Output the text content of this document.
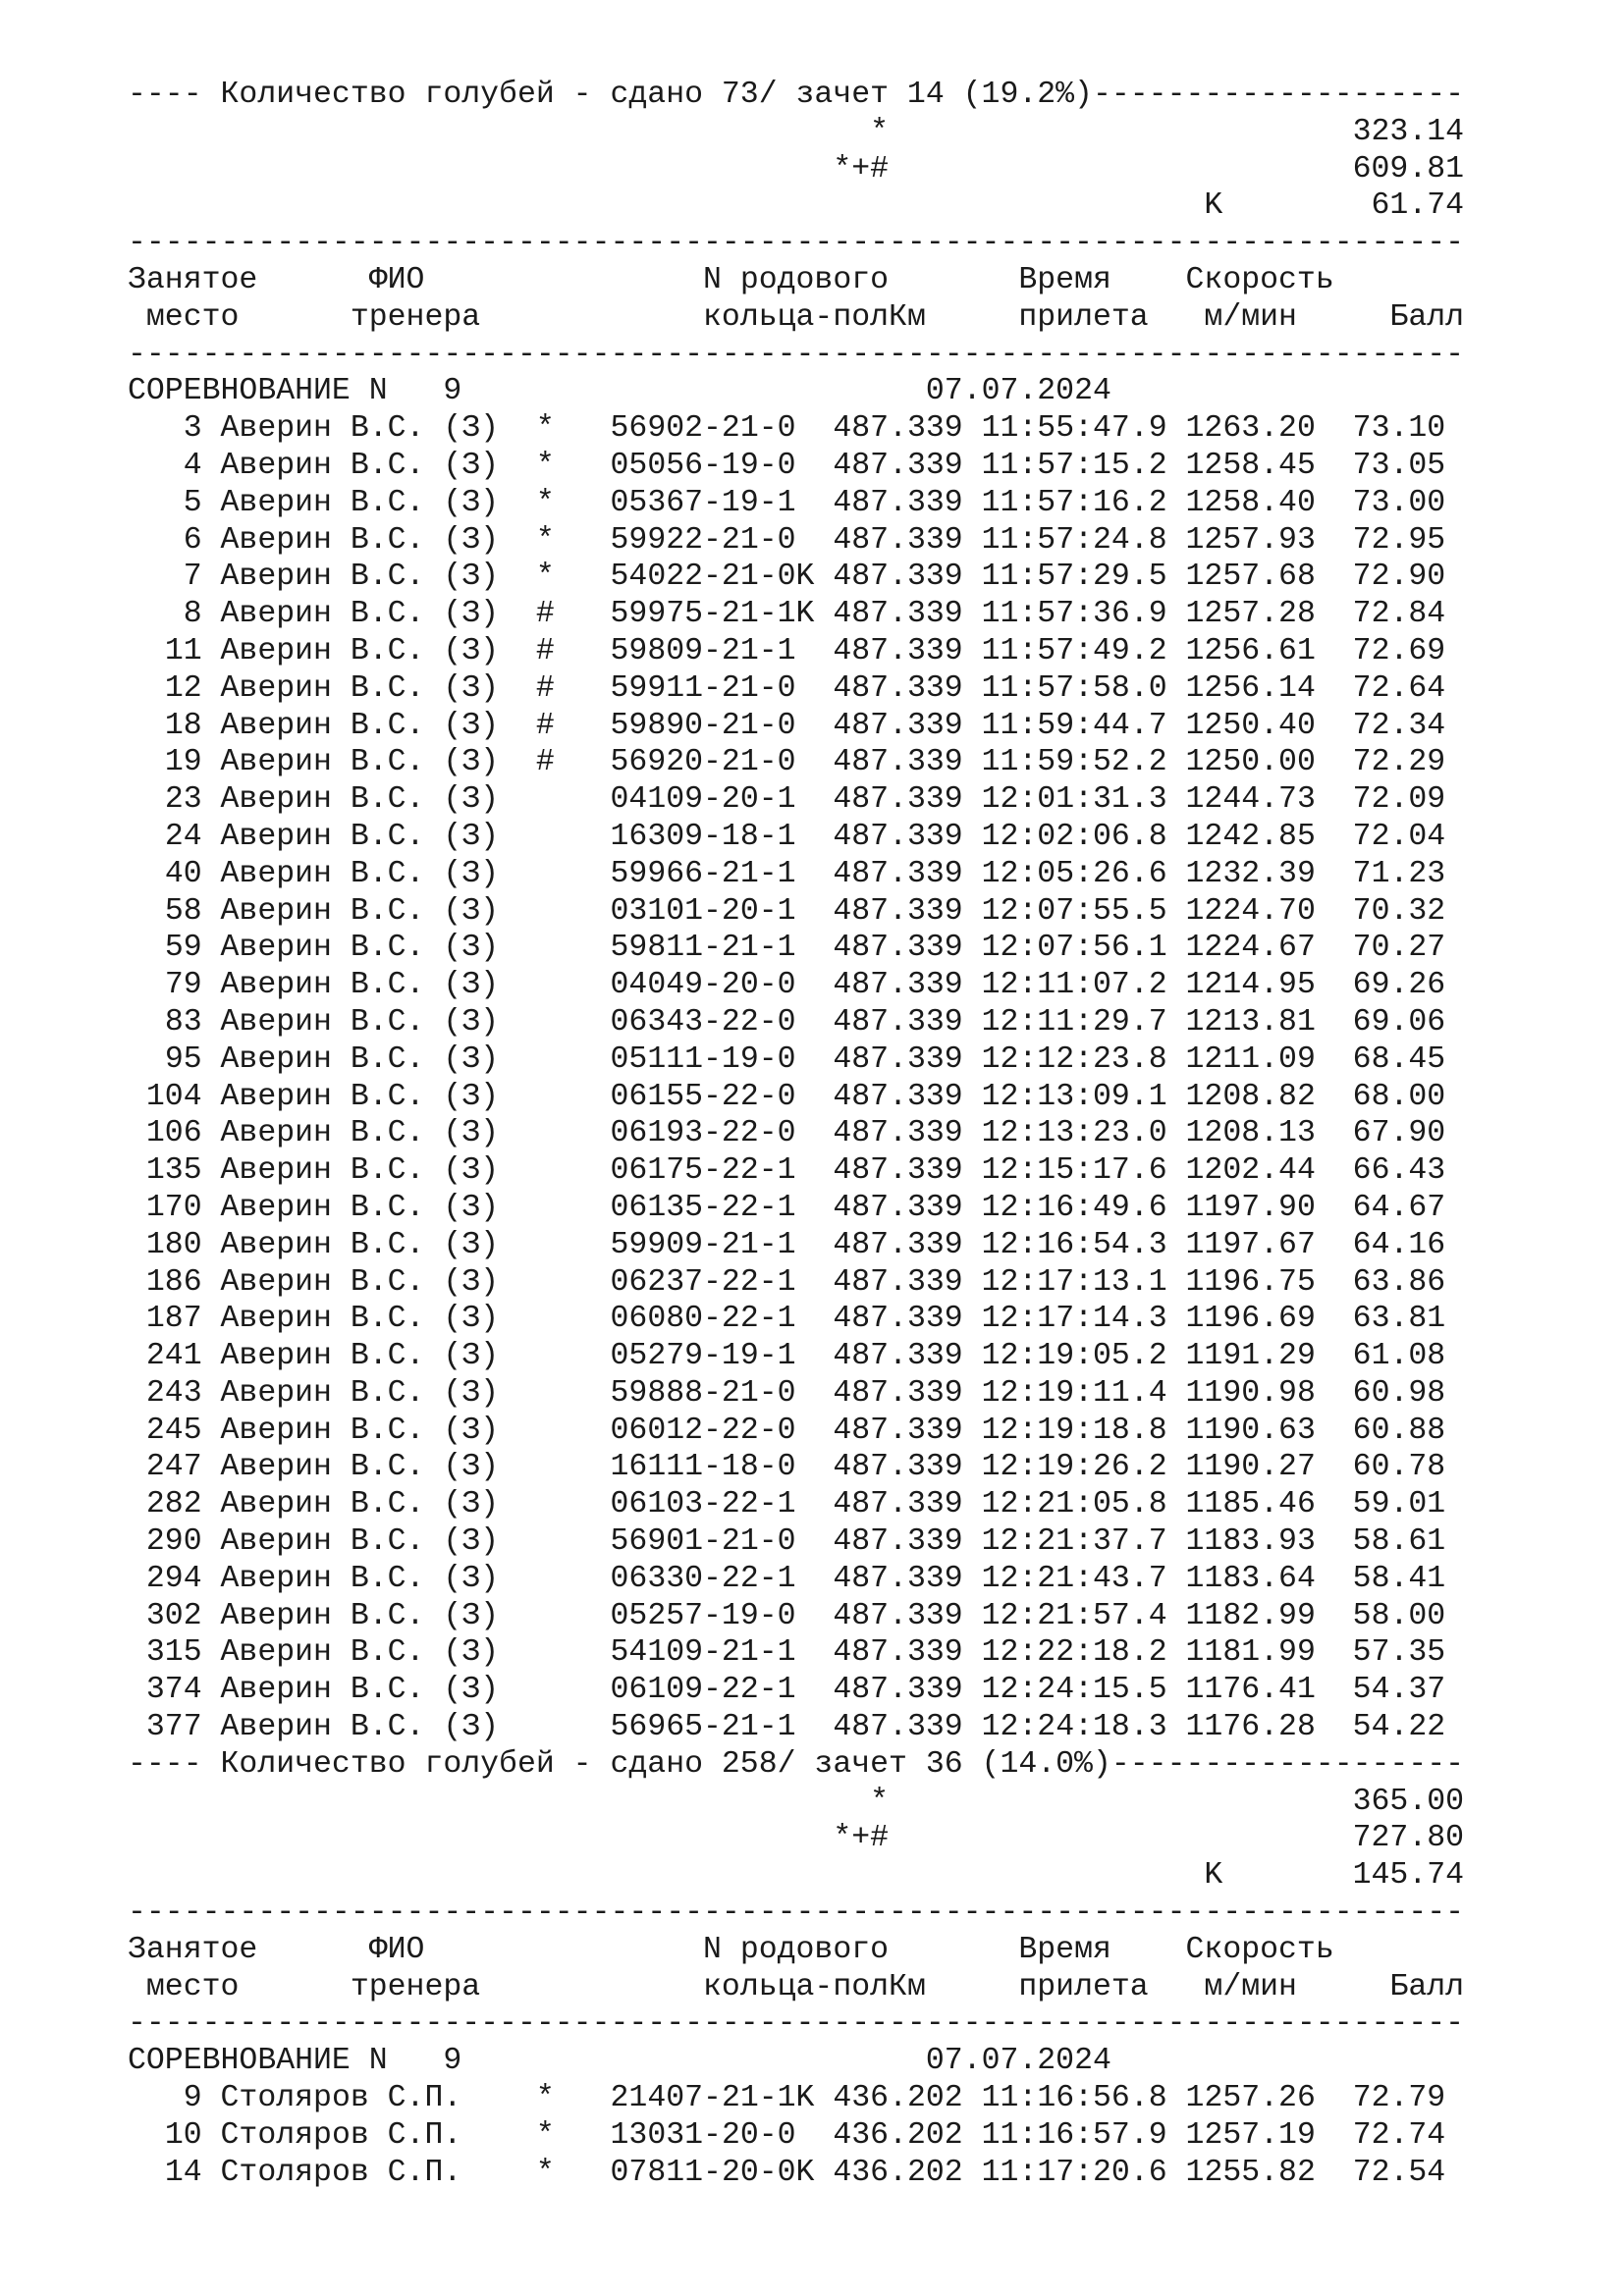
---- Количество голубей - сдано 73/ зачет 14 (19.2%)--------------------
*	323.14
*+#	609.81
K	61.74
------------------------------------------------------------------------
Занятое	ФИО	N родового	Время Скорость
место	тренера	кольца-полКм	прилета м/мин	Балл
------------------------------------------------------------------------
СОРЕВНОВАНИЕ N 9	07.07.2024
3 Аверин В.С. (З) * 56902-21-0 487.339 11:55:47.9 1263.20 73.10
4 Аверин В.С. (З) * 05056-19-0 487.339 11:57:15.2 1258.45 73.05
5 Аверин В.С. (З) * 05367-19-1 487.339 11:57:16.2 1258.40 73.00
6 Аверин В.С. (З) * 59922-21-0 487.339 11:57:24.8 1257.93 72.95
7 Аверин В.С. (З) * 54022-21-0K 487.339 11:57:29.5 1257.68 72.90
8 Аверин В.С. (З) # 59975-21-1K 487.339 11:57:36.9 1257.28 72.84
11 Аверин В.С. (З) # 59809-21-1 487.339 11:57:49.2 1256.61 72.69
12 Аверин В.С. (З) # 59911-21-0 487.339 11:57:58.0 1256.14 72.64
18 Аверин В.С. (З) # 59890-21-0 487.339 11:59:44.7 1250.40 72.34
19 Аверин В.С. (З) # 56920-21-0 487.339 11:59:52.2 1250.00 72.29
23 Аверин В.С. (З)	04109-20-1 487.339 12:01:31.3 1244.73 72.09
24 Аверин В.С. (З)	16309-18-1 487.339 12:02:06.8 1242.85 72.04
40 Аверин В.С. (З)	59966-21-1 487.339 12:05:26.6 1232.39 71.23
58 Аверин В.С. (З)	03101-20-1 487.339 12:07:55.5 1224.70 70.32
59 Аверин В.С. (З)	59811-21-1 487.339 12:07:56.1 1224.67 70.27
79 Аверин В.С. (З)	04049-20-0 487.339 12:11:07.2 1214.95 69.26
83 Аверин В.С. (З)	06343-22-0 487.339 12:11:29.7 1213.81 69.06
95 Аверин В.С. (З)	05111-19-0 487.339 12:12:23.8 1211.09 68.45
104 Аверин В.С. (З)	06155-22-0 487.339 12:13:09.1 1208.82 68.00
106 Аверин В.С. (З)	06193-22-0 487.339 12:13:23.0 1208.13 67.90
135 Аверин В.С. (З)	06175-22-1 487.339 12:15:17.6 1202.44 66.43
170 Аверин В.С. (З)	06135-22-1 487.339 12:16:49.6 1197.90 64.67
180 Аверин В.С. (З)	59909-21-1 487.339 12:16:54.3 1197.67 64.16
186 Аверин В.С. (З)	06237-22-1 487.339 12:17:13.1 1196.75 63.86
187 Аверин В.С. (З)	06080-22-1 487.339 12:17:14.3 1196.69 63.81
241 Аверин В.С. (З)	05279-19-1 487.339 12:19:05.2 1191.29 61.08
243 Аверин В.С. (З)	59888-21-0 487.339 12:19:11.4 1190.98 60.98
245 Аверин В.С. (З)	06012-22-0 487.339 12:19:18.8 1190.63 60.88
247 Аверин В.С. (З)	16111-18-0 487.339 12:19:26.2 1190.27 60.78
282 Аверин В.С. (З)	06103-22-1 487.339 12:21:05.8 1185.46 59.01
290 Аверин В.С. (З)	56901-21-0 487.339 12:21:37.7 1183.93 58.61
294 Аверин В.С. (З)	06330-22-1 487.339 12:21:43.7 1183.64 58.41
302 Аверин В.С. (З)	05257-19-0 487.339 12:21:57.4 1182.99 58.00
315 Аверин В.С. (З)	54109-21-1 487.339 12:22:18.2 1181.99 57.35
374 Аверин В.С. (З)	06109-22-1 487.339 12:24:15.5 1176.41 54.37
377 Аверин В.С. (З)	56965-21-1 487.339 12:24:18.3 1176.28 54.22
---- Количество голубей - сдано 258/ зачет 36 (14.0%)-------------------
*	365.00
*+#	727.80
K	145.74
------------------------------------------------------------------------
Занятое	ФИО	N родового	Время Скорость
место	тренера	кольца-полКм	прилета м/мин	Балл
------------------------------------------------------------------------
СОРЕВНОВАНИЕ N 9	07.07.2024
9 Столяров С.П. * 21407-21-1K 436.202 11:16:56.8 1257.26 72.79
10 Столяров С.П. * 13031-20-0 436.202 11:16:57.9 1257.19 72.74
14 Столяров С.П. * 07811-20-0K 436.202 11:17:20.6 1255.82 72.54
